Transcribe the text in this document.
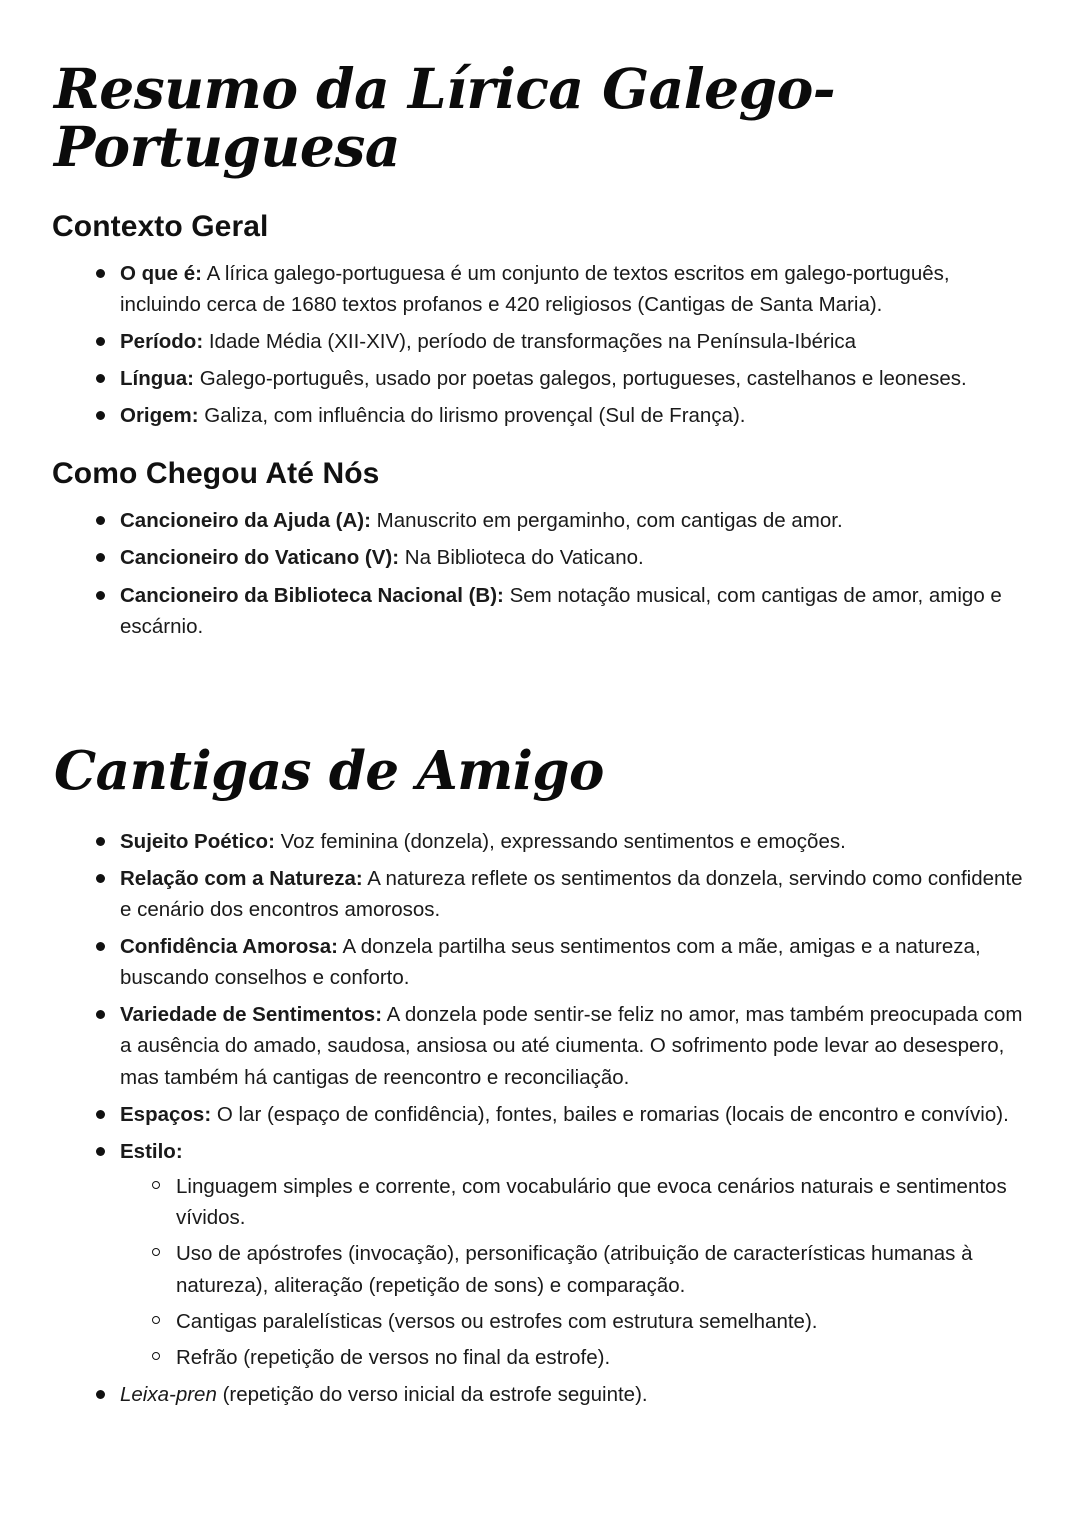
Resumo da Lírica Galego-Portuguesa
Contexto Geral
O que é: A lírica galego-portuguesa é um conjunto de textos escritos em galego-português, incluindo cerca de 1680 textos profanos e 420 religiosos (Cantigas de Santa Maria).
Período: Idade Média (XII-XIV), período de transformações na Península-Ibérica
Língua: Galego-português, usado por poetas galegos, portugueses, castelhanos e leoneses.
Origem: Galiza, com influência do lirismo provençal (Sul de França).
Como Chegou Até Nós
Cancioneiro da Ajuda (A): Manuscrito em pergaminho, com cantigas de amor.
Cancioneiro do Vaticano (V): Na Biblioteca do Vaticano.
Cancioneiro da Biblioteca Nacional (B): Sem notação musical, com cantigas de amor, amigo e escárnio.
Cantigas de Amigo
Sujeito Poético: Voz feminina (donzela), expressando sentimentos e emoções.
Relação com a Natureza: A natureza reflete os sentimentos da donzela, servindo como confidente e cenário dos encontros amorosos.
Confidência Amorosa: A donzela partilha seus sentimentos com a mãe, amigas e a natureza, buscando conselhos e conforto.
Variedade de Sentimentos: A donzela pode sentir-se feliz no amor, mas também preocupada com a ausência do amado, saudosa, ansiosa ou até ciumenta. O sofrimento pode levar ao desespero, mas também há cantigas de reencontro e reconciliação.
Espaços: O lar (espaço de confidência), fontes, bailes e romarias (locais de encontro e convívio).
Estilo:
Linguagem simples e corrente, com vocabulário que evoca cenários naturais e sentimentos vívidos.
Uso de apóstrofes (invocação), personificação (atribuição de características humanas à natureza), aliteração (repetição de sons) e comparação.
Cantigas paralelísticas (versos ou estrofes com estrutura semelhante).
Refrão (repetição de versos no final da estrofe).
Leixa-pren (repetição do verso inicial da estrofe seguinte).
